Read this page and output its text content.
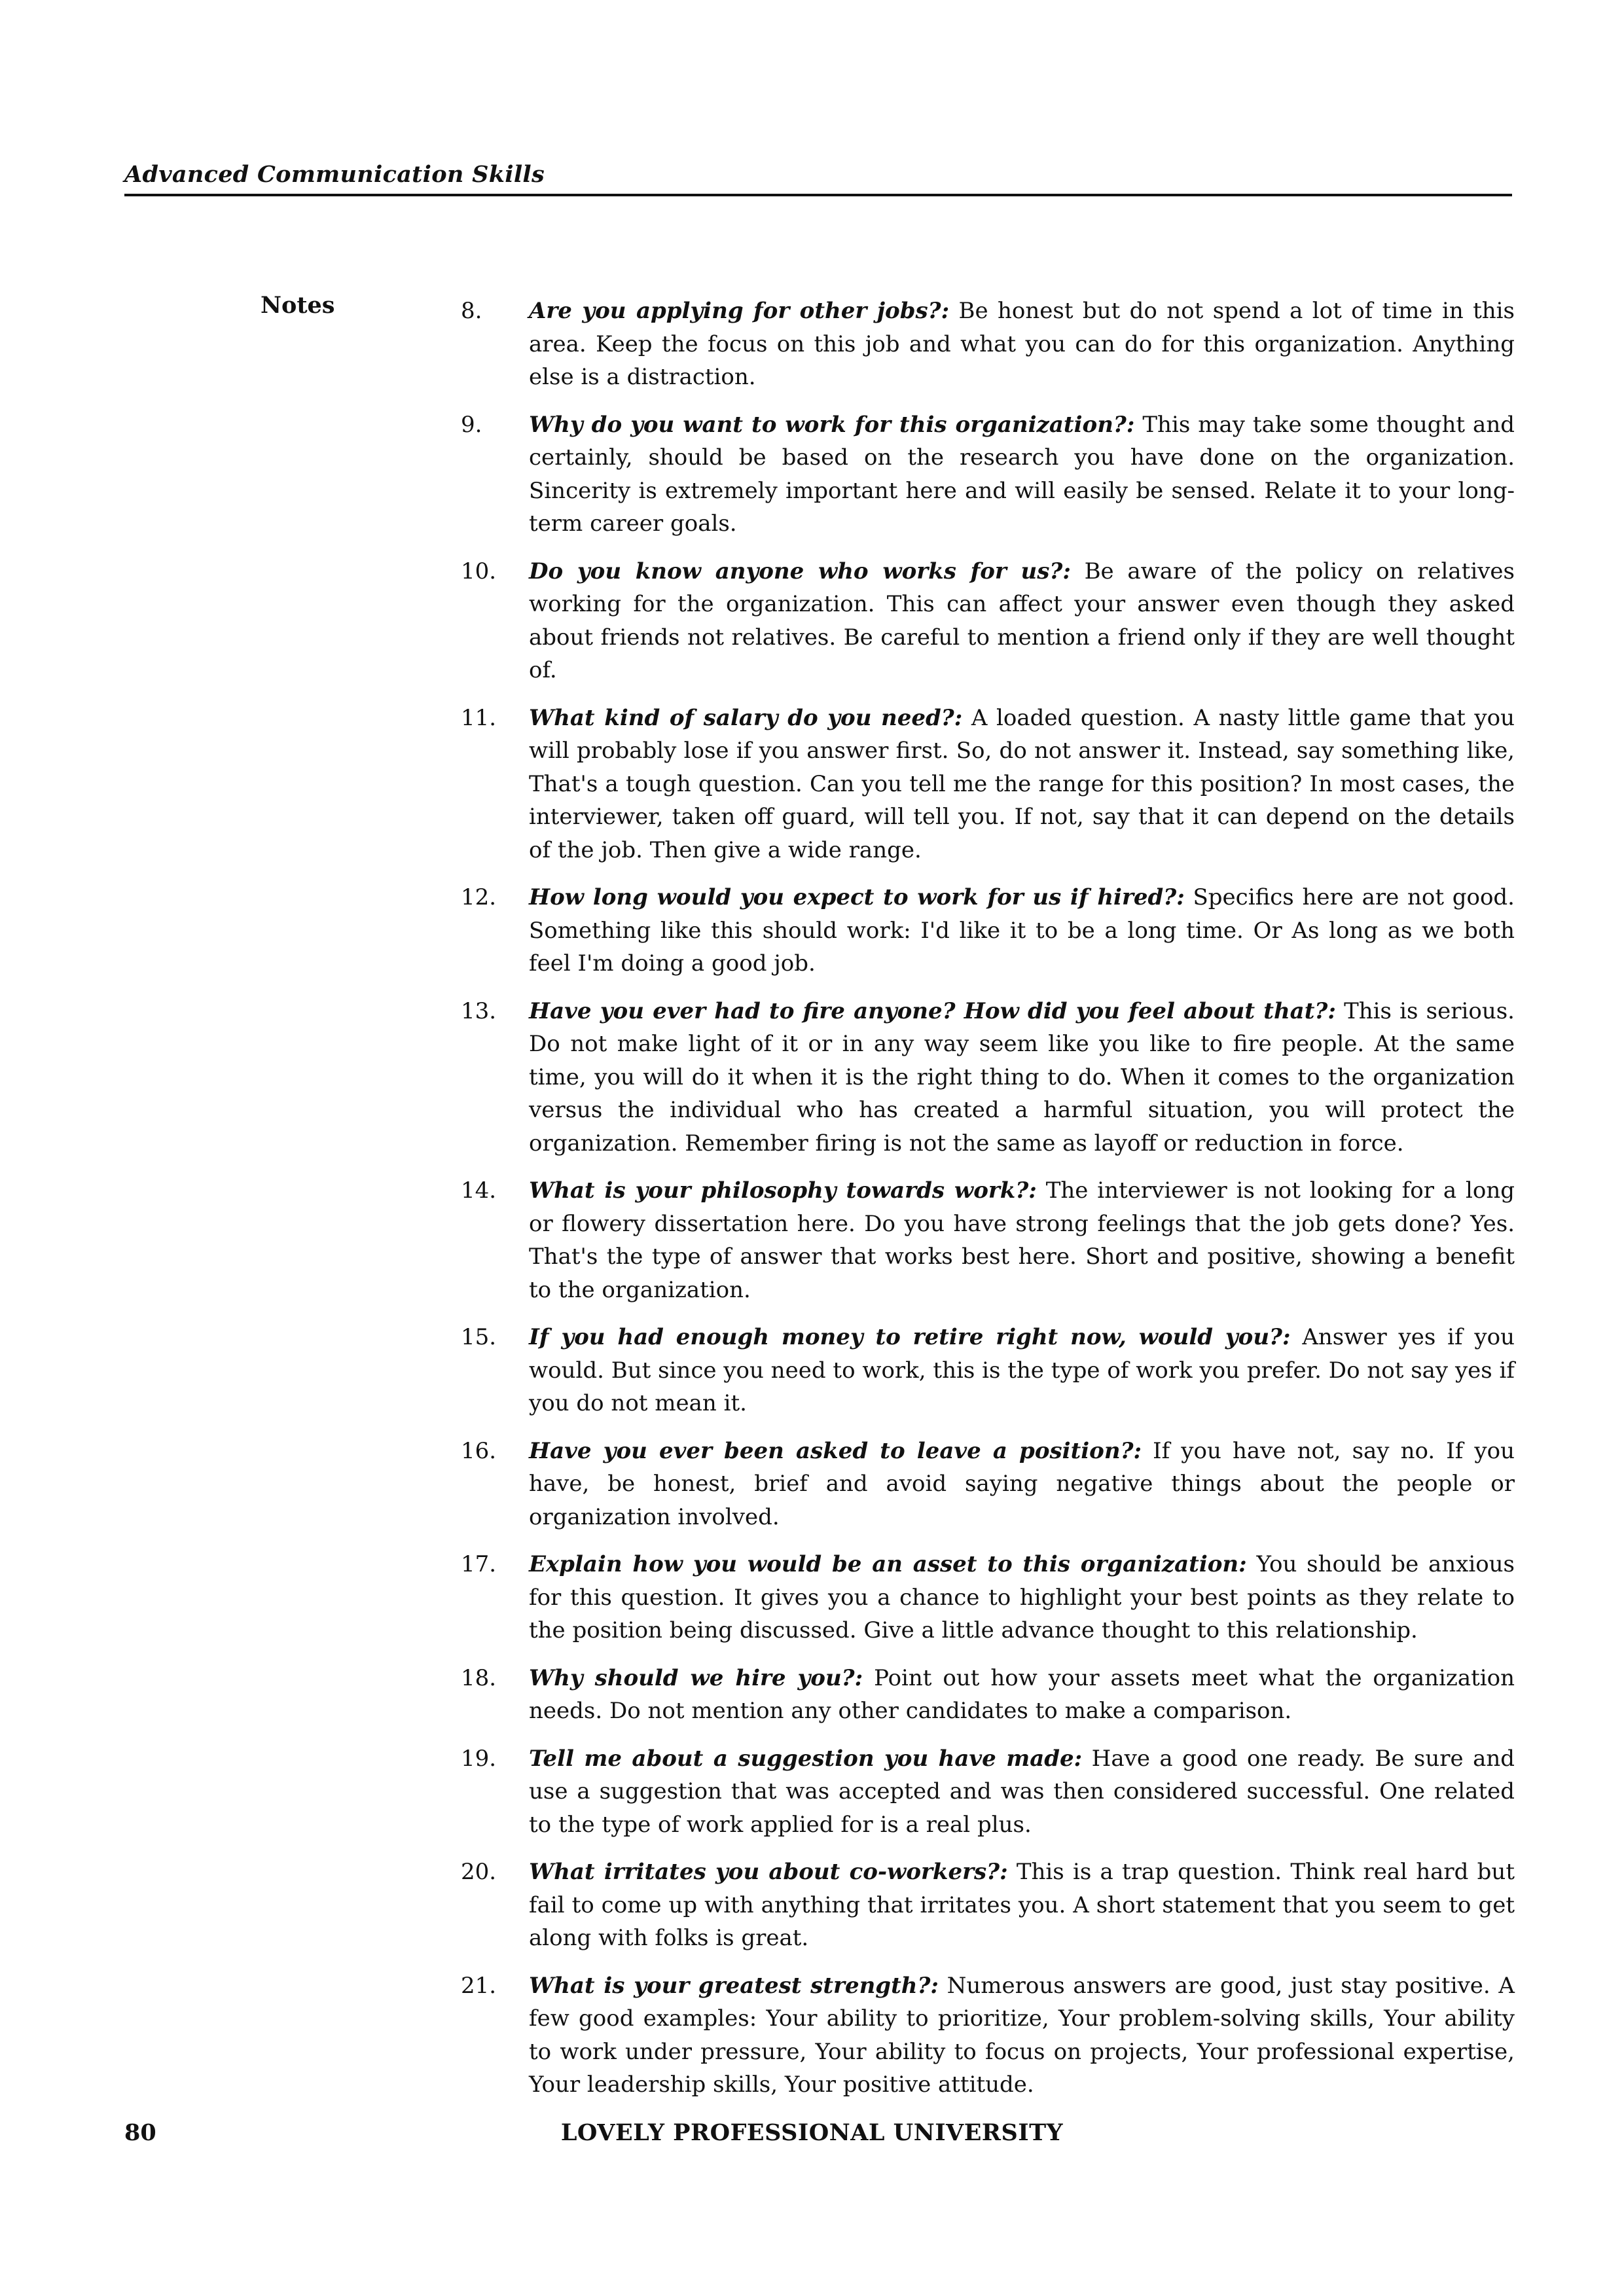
Advanced Communication Skills
Notes	8.	Are you applying for other jobs?: Be honest but do not spend a lot of time in this area. Keep the focus on this job and what you can do for this organization. Anything else is a distraction.
9.	Why do you want to work for this organization?: This may take some thought and certainly, should be based on the research you have done on the organization. Sincerity is extremely important here and will easily be sensed. Relate it to your long-term career goals.
10.	Do you know anyone who works for us?: Be aware of the policy on relatives working for the organization. This can affect your answer even though they asked about friends not relatives. Be careful to mention a friend only if they are well thought of.
11.	What kind of salary do you need?: A loaded question. A nasty little game that you will probably lose if you answer first. So, do not answer it. Instead, say something like, That's a tough question. Can you tell me the range for this position? In most cases, the interviewer, taken off guard, will tell you. If not, say that it can depend on the details of the job. Then give a wide range.
12.	How long would you expect to work for us if hired?: Specifics here are not good. Something like this should work: I'd like it to be a long time. Or As long as we both feel I'm doing a good job.
13.	Have you ever had to fire anyone? How did you feel about that?: This is serious. Do not make light of it or in any way seem like you like to fire people. At the same time, you will do it when it is the right thing to do. When it comes to the organization versus the individual who has created a harmful situation, you will protect the organization. Remember firing is not the same as layoff or reduction in force.
14.	What is your philosophy towards work?: The interviewer is not looking for a long or flowery dissertation here. Do you have strong feelings that the job gets done? Yes. That's the type of answer that works best here. Short and positive, showing a benefit to the organization.
15.	If you had enough money to retire right now, would you?: Answer yes if you would. But since you need to work, this is the type of work you prefer. Do not say yes if you do not mean it.
16.	Have you ever been asked to leave a position?: If you have not, say no. If you have, be honest, brief and avoid saying negative things about the people or organization involved.
17.	Explain how you would be an asset to this organization: You should be anxious for this question. It gives you a chance to highlight your best points as they relate to the position being discussed. Give a little advance thought to this relationship.
18.	Why should we hire you?: Point out how your assets meet what the organization needs. Do not mention any other candidates to make a comparison.
19.	Tell me about a suggestion you have made: Have a good one ready. Be sure and use a suggestion that was accepted and was then considered successful. One related to the type of work applied for is a real plus.
20.	What irritates you about co-workers?: This is a trap question. Think real hard but fail to come up with anything that irritates you. A short statement that you seem to get along with folks is great.
21.	What is your greatest strength?: Numerous answers are good, just stay positive. A few good examples: Your ability to prioritize, Your problem-solving skills, Your ability to work under pressure, Your ability to focus on projects, Your professional expertise, Your leadership skills, Your positive attitude.
80	LOVELY PROFESSIONAL UNIVERSITY
